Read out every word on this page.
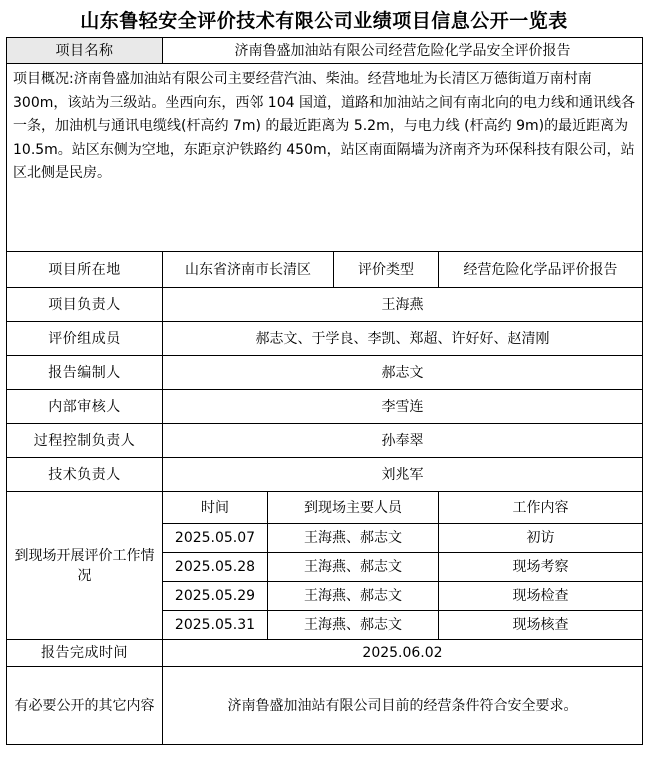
山东鲁轻安全评价技术有限公司业绩项目信息公开一览表
项目名称	济南鲁盛加油站有限公司经营危险化学品安全评价报告			
项目概况:济南鲁盛加油站有限公司主要经营汽油、柴油。经营地址为长清区万德街道万南村南 300m，该站为三级站。坐西向东，西邻 104 国道，道路和加油站之间有南北向的电力线和通讯线各一条，加油机与通讯电缆线(杆高约 7m) 的最近距离为 5.2m，与电力线 (杆高约 9m)的最近距离为 10.5m。站区东侧为空地，东距京沪铁路约 450m，站区南面隔墙为济南齐为环保科技有限公司，站区北侧是民房。				
项目所在地	山东省济南市长清区		评价类型	经营危险化学品评价报告
项目负责人	王海燕			
评价组成员	郝志文、于学良、李凯、郑超、许好好、赵清刚			
报告编制人	郝志文			
内部审核人	李雪连			
过程控制负责人	孙奉翠			
技术负责人	刘兆军			
到现场开展评价工作情况	时间	到现场主要人员		工作内容
	2025.05.07	王海燕、郝志文		初访
	2025.05.28	王海燕、郝志文		现场考察
	2025.05.29	王海燕、郝志文		现场检查
	2025.05.31	王海燕、郝志文		现场核查
报告完成时间	2025.06.02			
有必要公开的其它内容	济南鲁盛加油站有限公司目前的经营条件符合安全要求。			
